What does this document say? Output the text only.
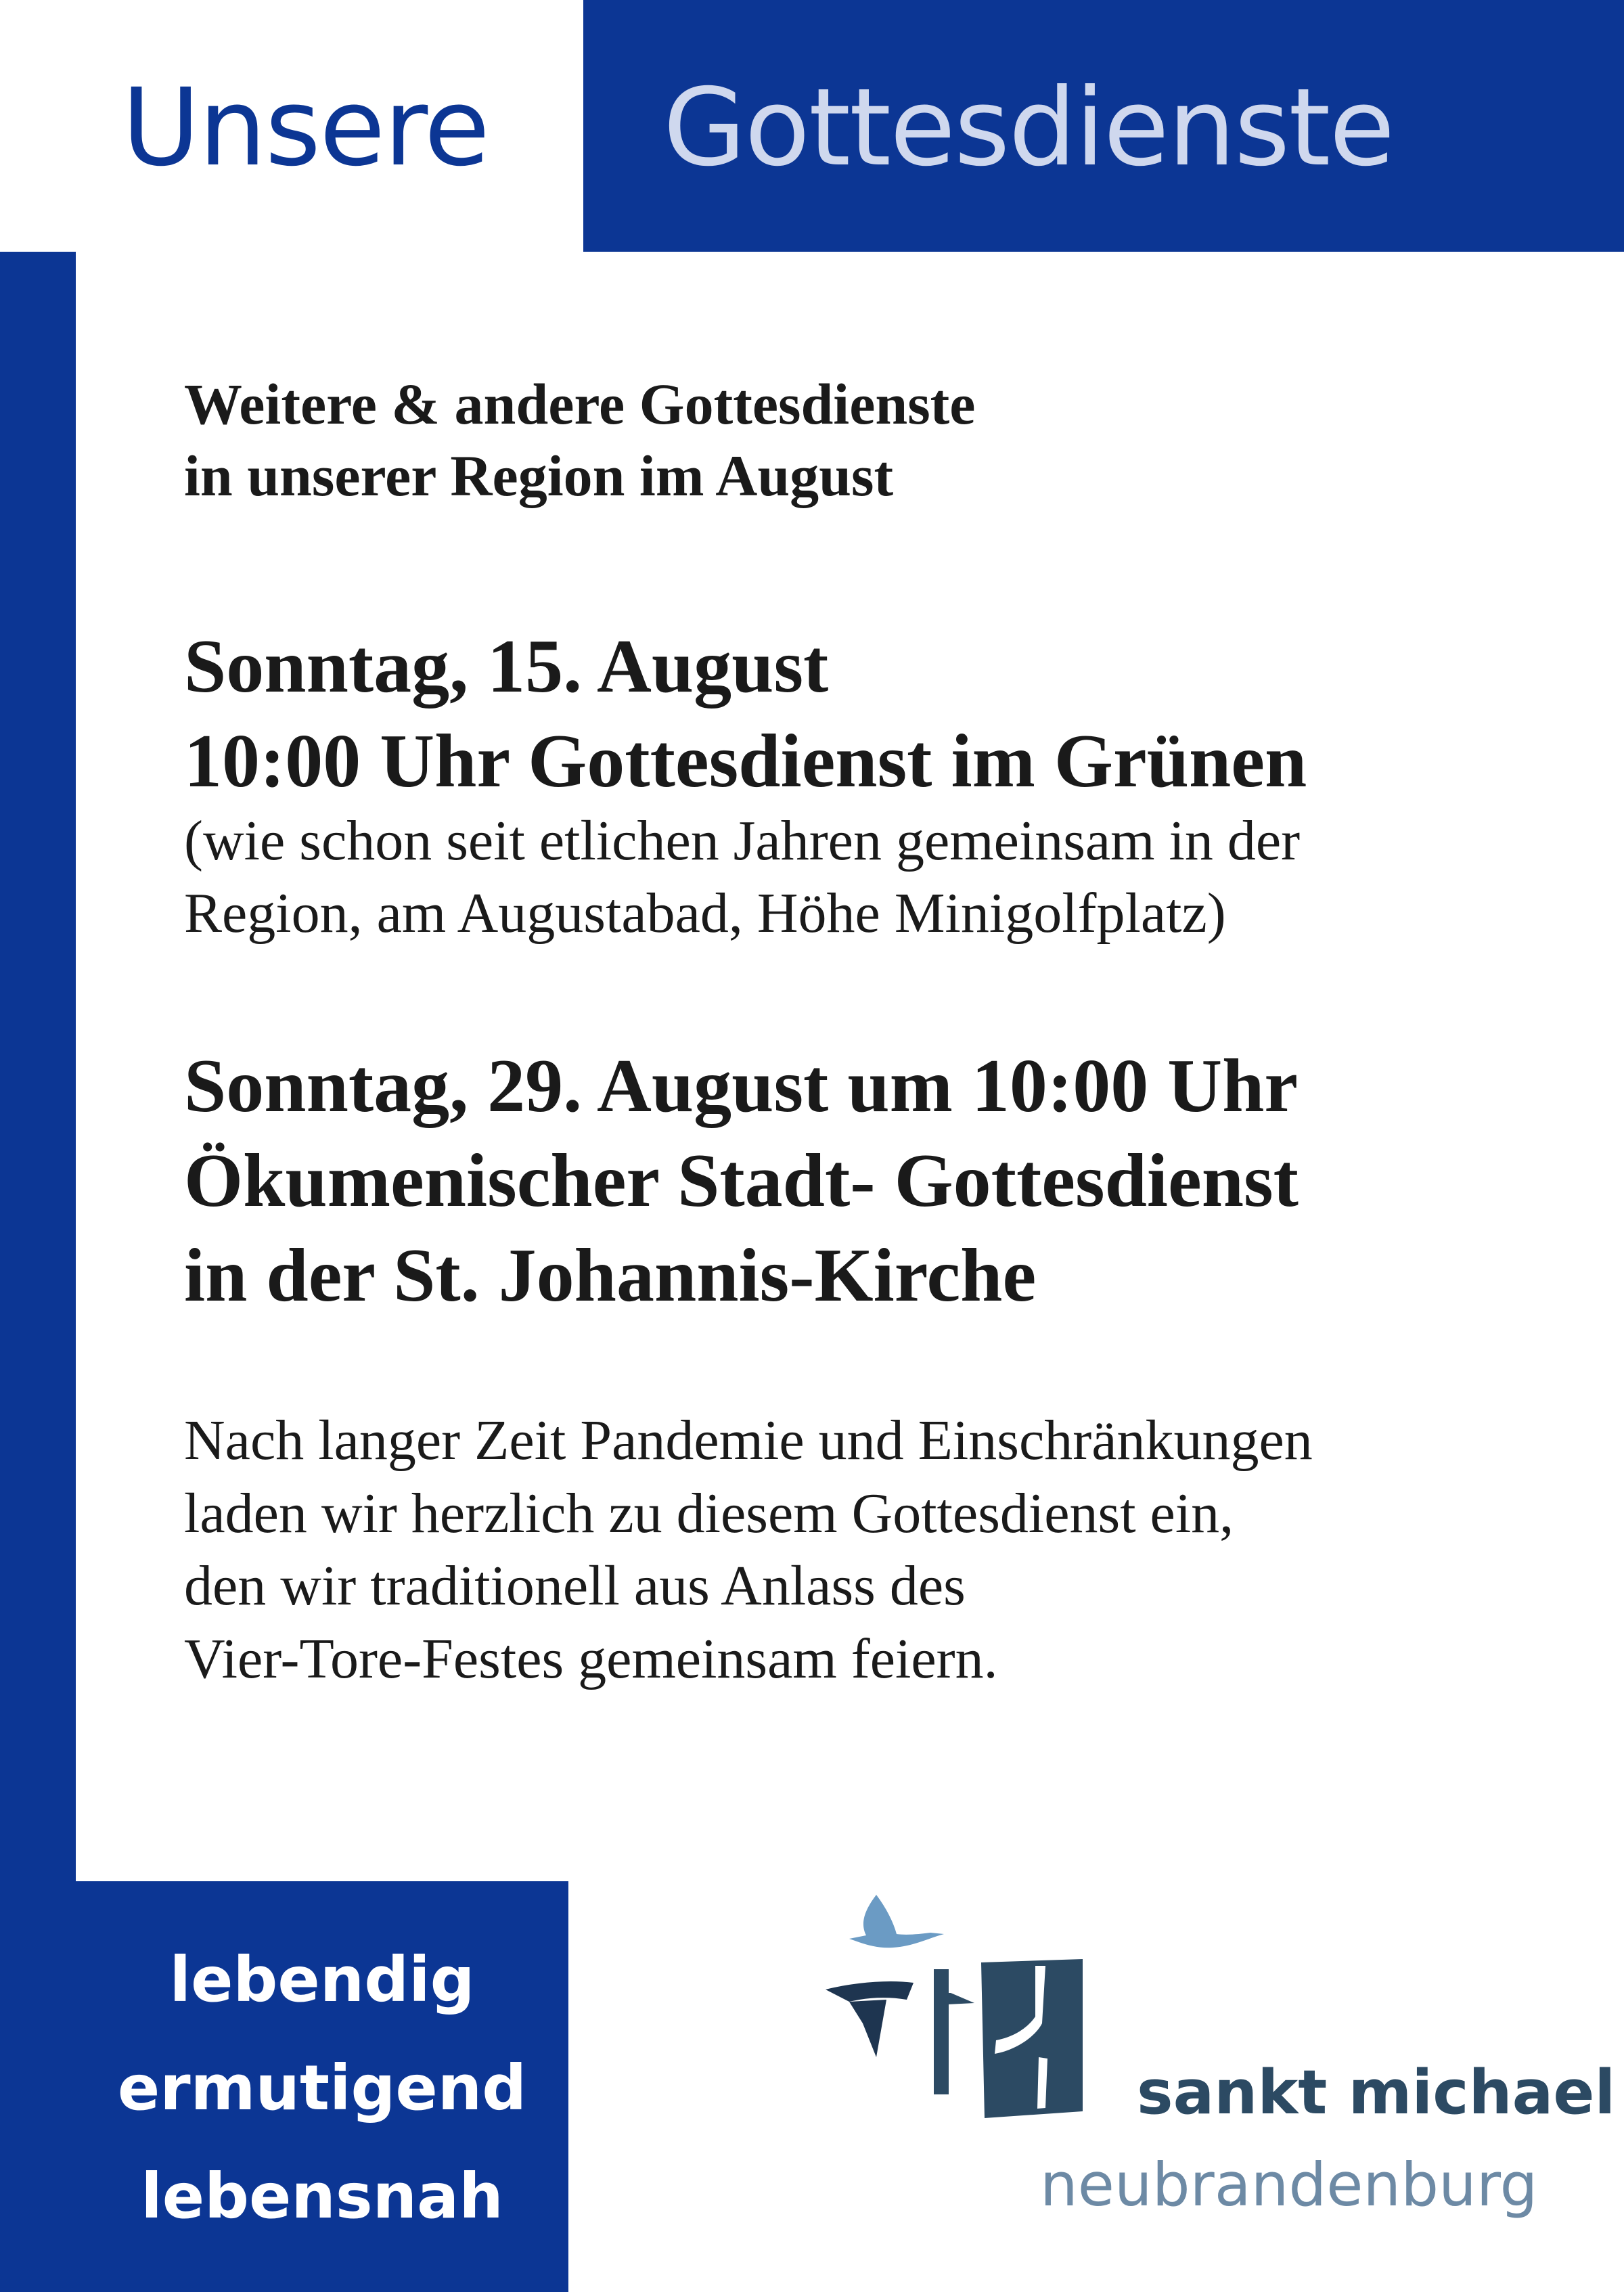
Unsere Gottesdienste
Weitere & andere Gottesdienste
in unserer Region im August
Sonntag, 15. August
10:00 Uhr Gottesdienst im Grünen
(wie schon seit etlichen Jahren gemeinsam in der
Region, am Augustabad, Höhe Minigolfplatz)
Sonntag, 29. August um 10:00 Uhr
Ökumenischer Stadt- Gottesdienst
in der St. Johannis-Kirche
Nach langer Zeit Pandemie und Einschränkungen
laden wir herzlich zu diesem Gottesdienst ein,
den wir traditionell aus Anlass des
Vier-Tore-Festes gemeinsam feiern.
lebendig
ermutigend
lebensnah
sankt michael
neubrandenburg
